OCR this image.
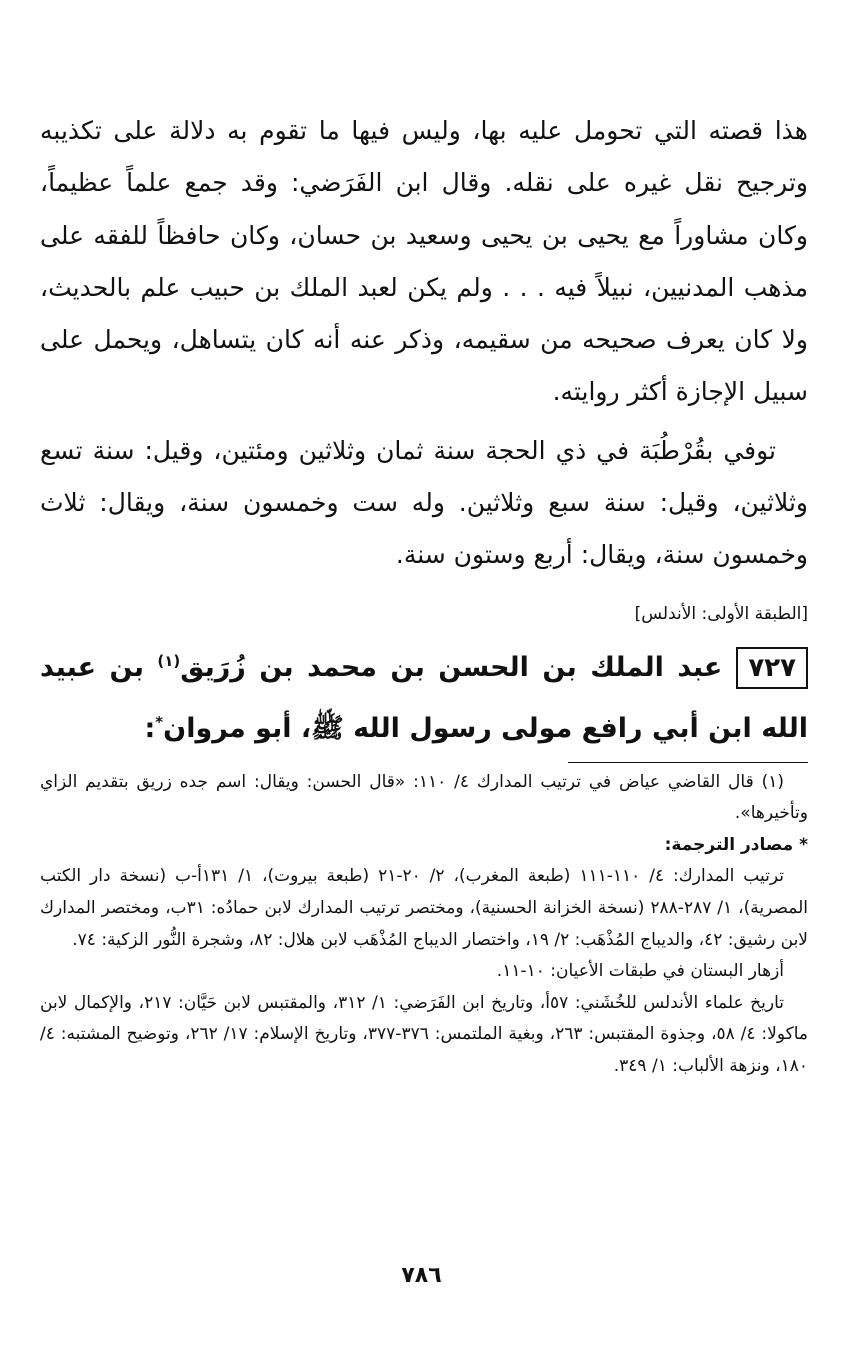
هذا قصته التي تحومل عليه بها، وليس فيها ما تقوم به دلالة على تكذيبه وترجيح نقل غيره على نقله. وقال ابن الفَرَضي: وقد جمع علماً عظيماً، وكان مشاوراً مع يحيى بن يحيى وسعيد بن حسان، وكان حافظاً للفقه على مذهب المدنيين، نبيلاً فيه . . . ولم يكن لعبد الملك بن حبيب علم بالحديث، ولا كان يعرف صحيحه من سقيمه، وذكر عنه أنه كان يتساهل، ويحمل على سبيل الإجازة أكثر روايته.

توفي بقُرْطُبَة في ذي الحجة سنة ثمان وثلاثين ومئتين، وقيل: سنة تسع وثلاثين، وقيل: سنة سبع وثلاثين. وله ست وخمسون سنة، ويقال: ثلاث وخمسون سنة، ويقال: أربع وستون سنة.

[الطبقة الأولى: الأندلس]
٧٢٧عبد الملك بن الحسن بن محمد بن زُرَيق$^{(١)}$ بن عبيد الله ابن أبي رافع مولى رسول الله ﷺ، أبو مروان*:

(١) قال القاضي عياض في ترتيب المدارك ٤/ ١١٠: «قال الحسن: ويقال: اسم جده زريق بتقديم الزاي وتأخيرها».

* مصادر الترجمة:

ترتيب المدارك: ٤/ ١١٠-١١١ (طبعة المغرب)، ٢/ ٢٠-٢١ (طبعة بيروت)، ١/ ١٣١أ-ب (نسخة دار الكتب المصرية)، ١/ ٢٨٧-٢٨٨ (نسخة الخزانة الحسنية)، ومختصر ترتيب المدارك لابن حمادُه: ٣١ب، ومختصر المدارك لابن رشيق: ٤٢، والديباج المُذْهَب: ٢/ ١٩، واختصار الديباج المُذْهَب لابن هلال: ٨٢، وشجرة النُّور الزكية: ٧٤.

أزهار البستان في طبقات الأعيان: ١٠-١١.

تاريخ علماء الأندلس للخُشَني: ٥٧أ، وتاريخ ابن الفَرَضي: ١/ ٣١٢، والمقتبس لابن حَيَّان: ٢١٧، والإكمال لابن ماكولا: ٤/ ٥٨، وجذوة المقتبس: ٢٦٣، وبغية الملتمس: ٣٧٦-٣٧٧، وتاريخ الإسلام: ١٧/ ٢٦٢، وتوضيح المشتبه: ٤/ ١٨٠، ونزهة الألباب: ١/ ٣٤٩.

٧٨٦
